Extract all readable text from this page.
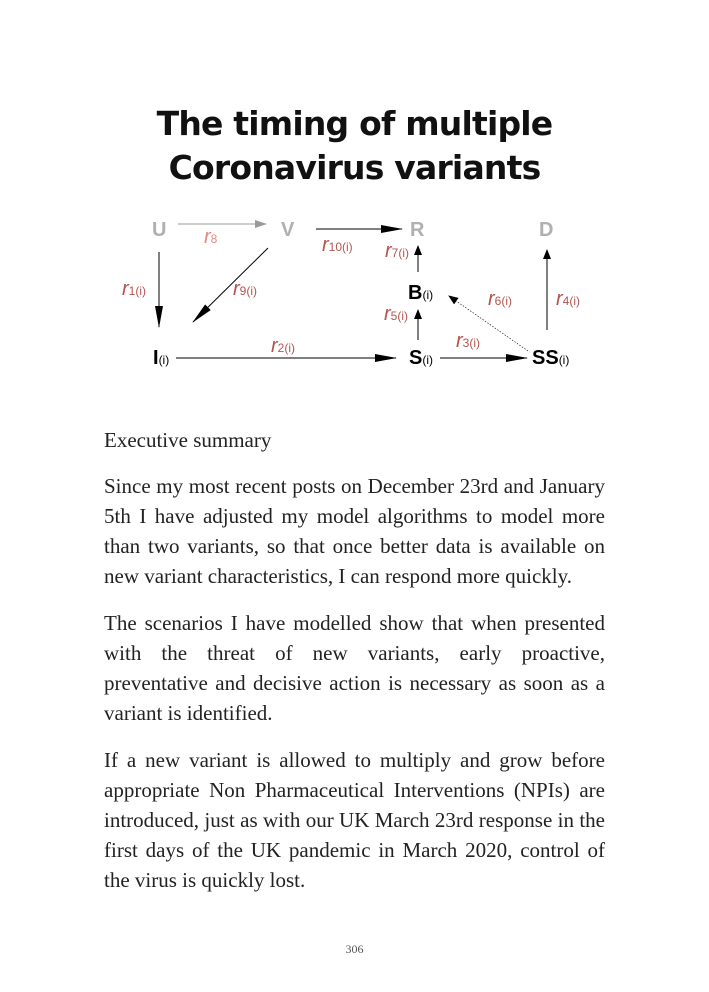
The timing of multiple
Coronavirus variants
U	V	R	D
B(i)
I(i)	S(i)	SS(i)
r8	r10(i) r7(i)
r1(i)	r9(i)	r6(i) r4(i)
r5(i)
r2(i)	r3(i)

Executive summary

Since my most recent posts on December 23rd and January 5th I have adjusted my model algorithms to model more than two variants, so that once better data is available on new variant characteristics, I can respond more quickly.

The scenarios I have modelled show that when presented with the threat of new variants, early proactive, preventative and decisive action is necessary as soon as a variant is identified.

If a new variant is allowed to multiply and grow before appropriate Non Pharmaceutical Interventions (NPIs) are introduced, just as with our UK March 23rd response in the first days of the UK pandemic in March 2020, control of the virus is quickly lost.

306
